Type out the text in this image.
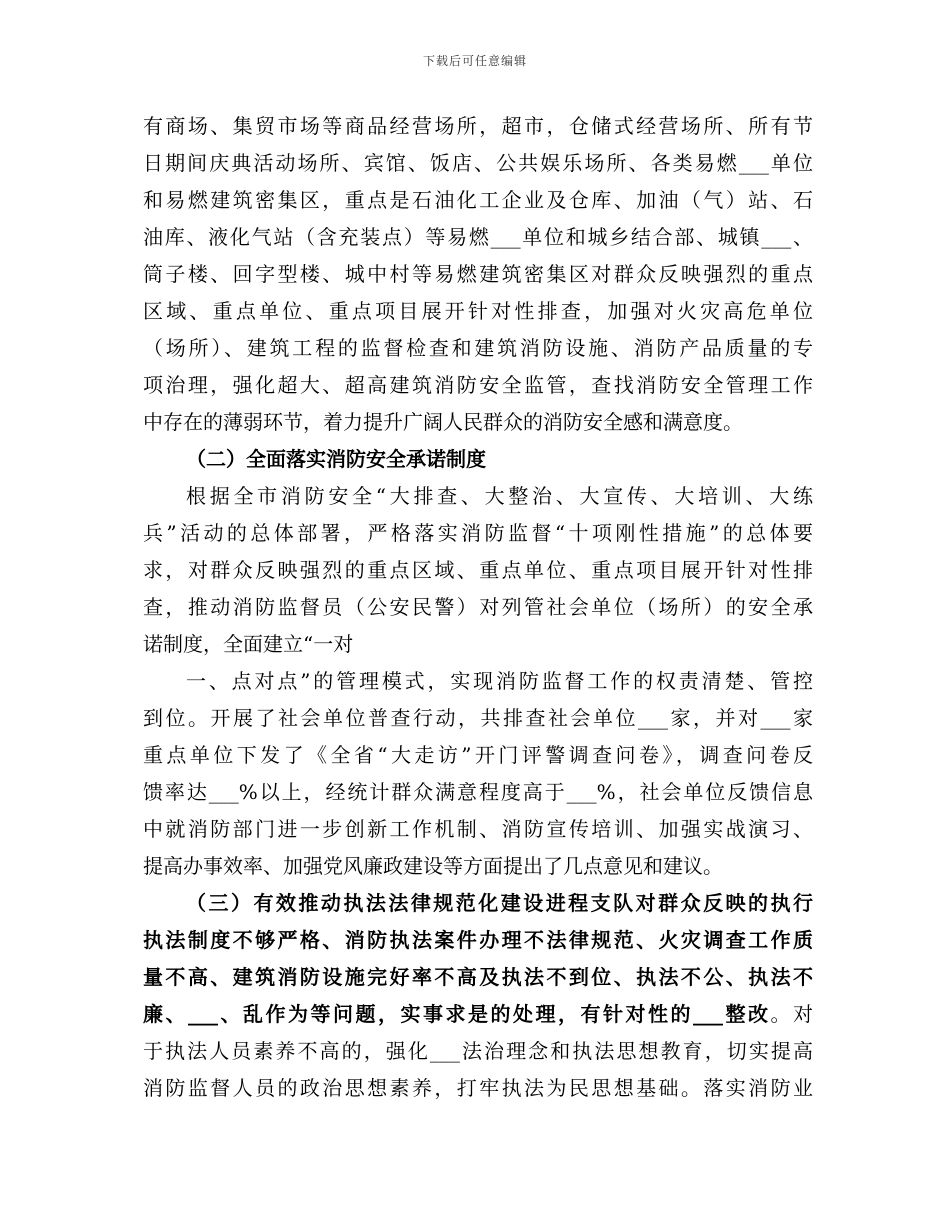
下载后可任意编辑
有商场、集贸市场等商品经营场所，超市，仓储式经营场所、所有节
日期间庆典活动场所、宾馆、饭店、公共娱乐场所、各类易燃___单位
和易燃建筑密集区，重点是石油化工企业及仓库、加油（气）站、石
油库、液化气站（含充装点）等易燃___单位和城乡结合部、城镇___、
筒子楼、回字型楼、城中村等易燃建筑密集区对群众反映强烈的重点
区域、重点单位、重点项目展开针对性排查，加强对火灾高危单位
（场所）、建筑工程的监督检查和建筑消防设施、消防产品质量的专
项治理，强化超大、超高建筑消防安全监管，查找消防安全管理工作
中存在的薄弱环节，着力提升广阔人民群众的消防安全感和满意度。
（二）全面落实消防安全承诺制度
根据全市消防安全“大排查、大整治、大宣传、大培训、大练
兵”活动的总体部署，严格落实消防监督“十项刚性措施”的总体要
求，对群众反映强烈的重点区域、重点单位、重点项目展开针对性排
查，推动消防监督员（公安民警）对列管社会单位（场所）的安全承
诺制度，全面建立“一对
一、点对点”的管理模式，实现消防监督工作的权责清楚、管控
到位。开展了社会单位普查行动，共排查社会单位___家，并对___家
重点单位下发了《全省“大走访”开门评警调查问卷》，调查问卷反
馈率达___%以上，经统计群众满意程度高于___%，社会单位反馈信息
中就消防部门进一步创新工作机制、消防宣传培训、加强实战演习、
提高办事效率、加强党风廉政建设等方面提出了几点意见和建议。
（三）有效推动执法法律规范化建设进程支队对群众反映的执行
执法制度不够严格、消防执法案件办理不法律规范、火灾调查工作质
量不高、建筑消防设施完好率不高及执法不到位、执法不公、执法不
廉、___、乱作为等问题，实事求是的处理，有针对性的___整改。对
于执法人员素养不高的，强化___法治理念和执法思想教育，切实提高
消防监督人员的政治思想素养，打牢执法为民思想基础。落实消防业
